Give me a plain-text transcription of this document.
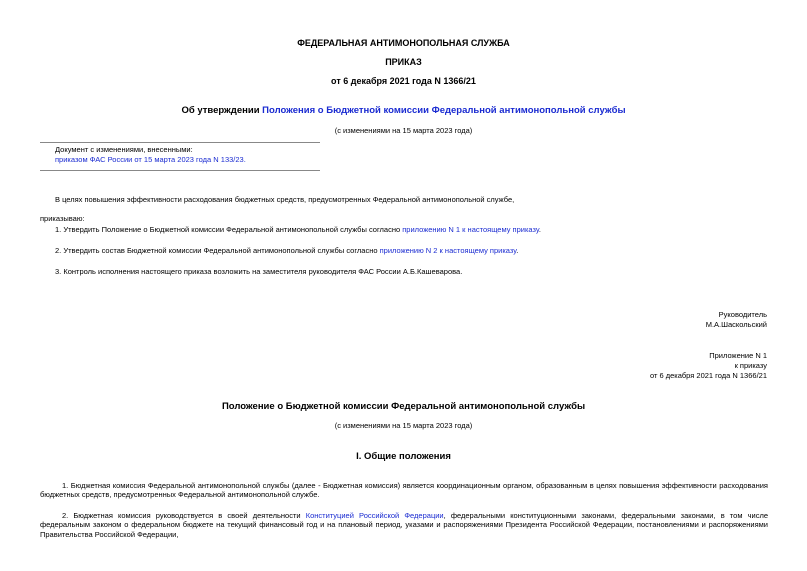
ФЕДЕРАЛЬНАЯ АНТИМОНОПОЛЬНАЯ СЛУЖБА
ПРИКАЗ
от 6 декабря 2021 года N 1366/21
Об утверждении Положения о Бюджетной комиссии Федеральной антимонопольной службы
(с изменениями на 15 марта 2023 года)
Документ с изменениями, внесенными:
приказом ФАС России от 15 марта 2023 года N 133/23.
В целях повышения эффективности расходования бюджетных средств, предусмотренных Федеральной антимонопольной службе,
приказываю:
1. Утвердить Положение о Бюджетной комиссии Федеральной антимонопольной службы согласно приложению N 1 к настоящему приказу.
2. Утвердить состав Бюджетной комиссии Федеральной антимонопольной службы согласно приложению N 2 к настоящему приказу.
3. Контроль исполнения настоящего приказа возложить на заместителя руководителя ФАС России А.Б.Кашеварова.
Руководитель
М.А.Шаскольский
Приложение N 1
к приказу
от 6 декабря 2021 года N 1366/21
Положение о Бюджетной комиссии Федеральной антимонопольной службы
(с изменениями на 15 марта 2023 года)
I. Общие положения
1. Бюджетная комиссия Федеральной антимонопольной службы (далее - Бюджетная комиссия) является координационным органом, образованным в целях повышения эффективности расходования бюджетных средств, предусмотренных Федеральной антимонопольной службе.
2. Бюджетная комиссия руководствуется в своей деятельности Конституцией Российской Федерации, федеральными конституционными законами, федеральными законами, в том числе федеральным законом о федеральном бюджете на текущий финансовый год и на плановый период, указами и распоряжениями Президента Российской Федерации, постановлениями и распоряжениями Правительства Российской Федерации,
